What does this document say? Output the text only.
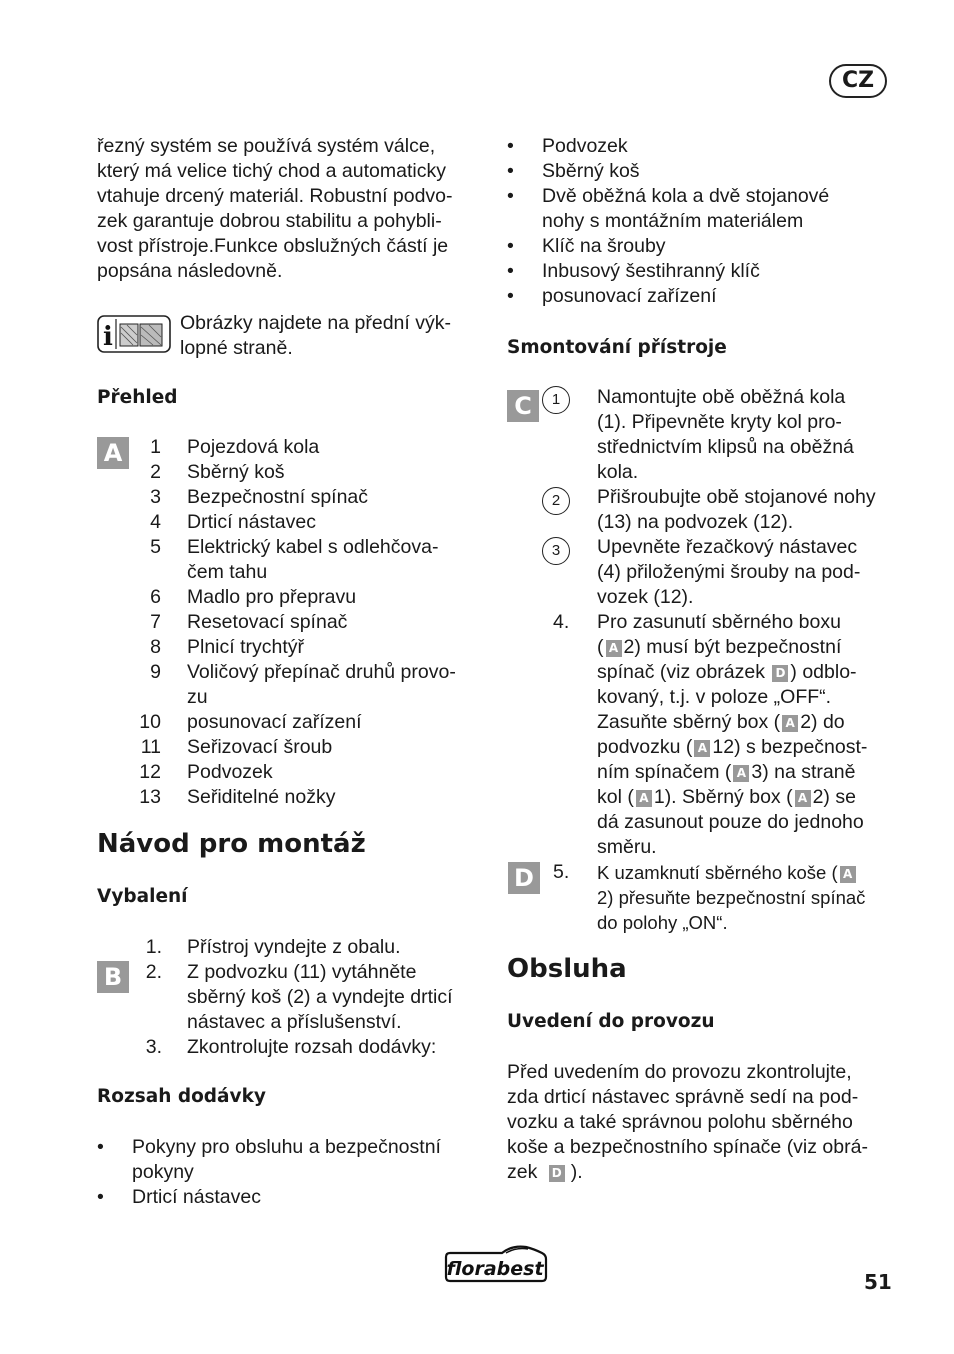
CZ
řezný systém se používá systém válce,
který má velice tichý chod a automaticky
vtahuje drcený materiál. Robustní podvo-
zek garantuje dobrou stabilitu a pohybli-
vost přístroje.Funkce obslužných částí je
popsána následovně.
i	Obrázky najdete na přední výk-
lopné straně.
Přehled
A	1 Pojezdová kola
2 Sběrný koš
3 Bezpečnostní spínač
4 Drticí nástavec
5 Elektrický kabel s odlehčova-
čem tahu
6 Madlo pro přepravu
7 Resetovací spínač
8 Plnicí trychtýř
9 Voličový přepínač druhů provo-
zu
10 posunovací zařízení
11 Seřizovací šroub
12 Podvozek
13 Seřiditelné nožky
Návod pro montáž
Vybalení
B
1. Přístroj vyndejte z obalu.
2. Z podvozku (11) vytáhněte
sběrný koš (2) a vyndejte drticí
nástavec a příslušenství.
3. Zkontrolujte rozsah dodávky:
Rozsah dodávky
• Pokyny pro obsluhu a bezpečnostní
pokyny
• Drticí nástavec
• Podvozek
• Sběrný koš
• Dvě oběžná kola a dvě stojanové
nohy s montážním materiálem
• Klíč na šrouby
• Inbusový šestihranný klíč
• posunovací zařízení
Smontování přístroje
C	1	Namontujte obě oběžná kola
(1). Připevněte kryty kol pro-
střednictvím klipsů na oběžná
kola.
2	Přišroubujte obě stojanové nohy
(13) na podvozek (12).
3	Upevněte řezačkový nástavec
(4) přiloženými šrouby na pod-
vozek (12).
4. Pro zasunutí sběrného boxu
( A 2) musí být bezpečnostní
spínač (viz obrázek D ) odblo-
kovaný, t.j. v poloze „OFF“.
Zasuňte sběrný box ( A 2) do
podvozku ( A 12) s bezpečnost-
ním spínačem ( A 3) na straně
kol ( A 1). Sběrný box ( A 2) se
dá zasunout pouze do jednoho
směru.
D 5. K uzamknutí sběrného koše ( A
2) přesuňte bezpečnostní spínač
do polohy „ON“.
Obsluha
Uvedení do provozu
Před uvedením do provozu zkontrolujte,
zda drticí nástavec správně sedí na pod-
vozku a také správnou polohu sběrného
koše a bezpečnostního spínače (viz obrá-
zek D ).
florabest
51
